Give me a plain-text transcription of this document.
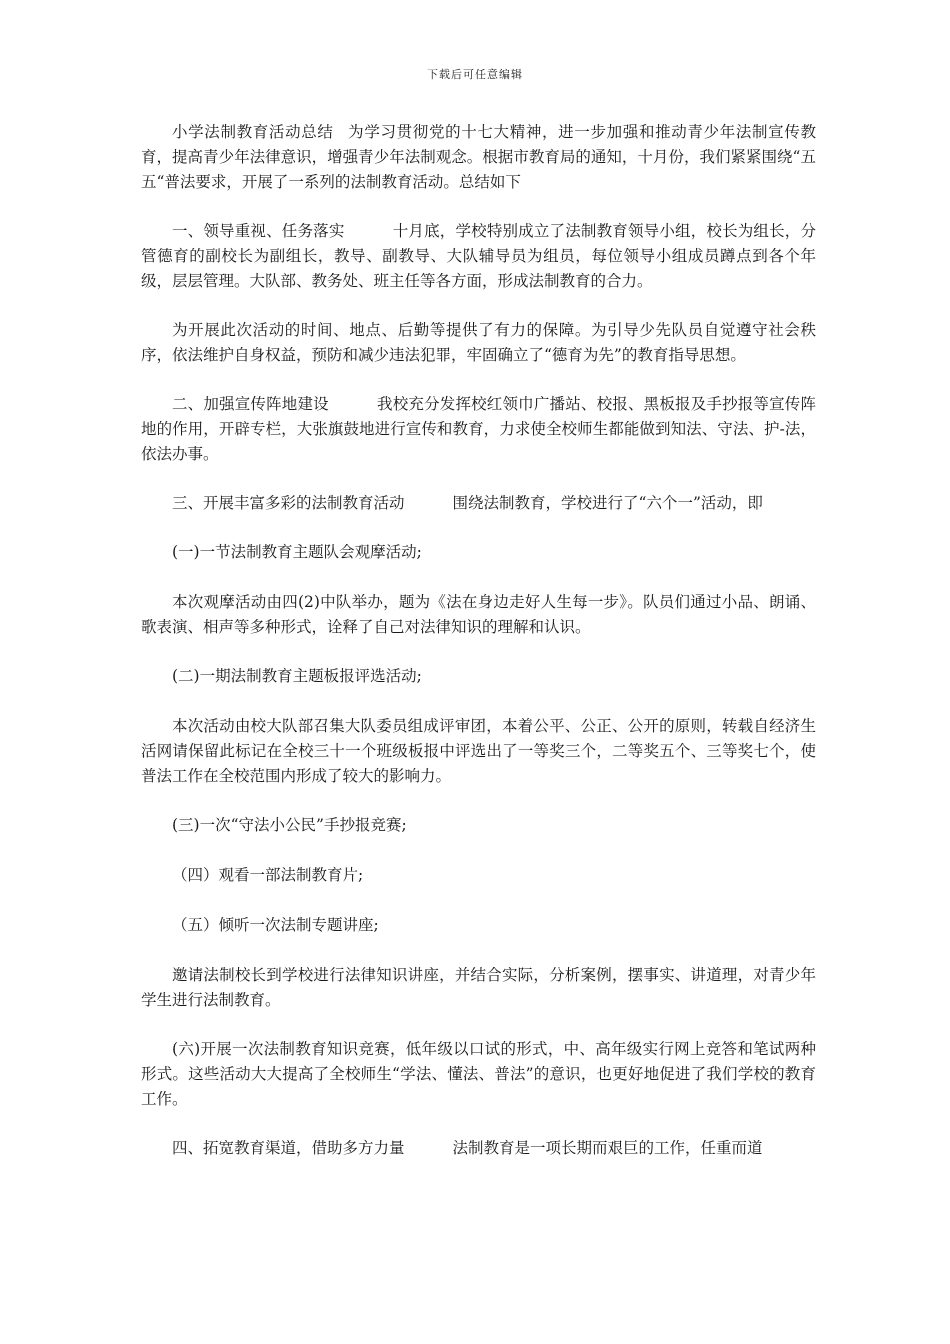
下载后可任意编辑

小学法制教育活动总结 为学习贯彻党的十七大精神，进一步加强和推动青少年法制宣传教育，提高青少年法律意识，增强青少年法制观念。根据市教育局的通知，十月份，我们紧紧围绕“五五“普法要求，开展了一系列的法制教育活动。总结如下

一、领导重视、任务落实	十月底，学校特别成立了法制教育领导小组，校长为组长，分管德育的副校长为副组长，教导、副教导、大队辅导员为组员，每位领导小组成员蹲点到各个年级，层层管理。大队部、教务处、班主任等各方面，形成法制教育的合力。

为开展此次活动的时间、地点、后勤等提供了有力的保障。为引导少先队员自觉遵守社会秩序，依法维护自身权益，预防和减少违法犯罪，牢固确立了“德育为先”的教育指导思想。

二、加强宣传阵地建设	我校充分发挥校红领巾广播站、校报、黑板报及手抄报等宣传阵地的作用，开辟专栏，大张旗鼓地进行宣传和教育，力求使全校师生都能做到知法、守法、护-法，依法办事。

三、开展丰富多彩的法制教育活动	围绕法制教育，学校进行了“六个一”活动，即

(一)一节法制教育主题队会观摩活动;

本次观摩活动由四(2)中队举办，题为《法在身边走好人生每一步》。队员们通过小品、朗诵、歌表演、相声等多种形式，诠释了自己对法律知识的理解和认识。

(二)一期法制教育主题板报评选活动;

本次活动由校大队部召集大队委员组成评审团，本着公平、公正、公开的原则，转载自经济生活网请保留此标记在全校三十一个班级板报中评选出了一等奖三个，二等奖五个、三等奖七个，使普法工作在全校范围内形成了较大的影响力。

(三)一次“守法小公民”手抄报竞赛;

（四）观看一部法制教育片;

（五）倾听一次法制专题讲座;

邀请法制校长到学校进行法律知识讲座，并结合实际，分析案例，摆事实、讲道理，对青少年学生进行法制教育。

(六)开展一次法制教育知识竞赛，低年级以口试的形式，中、高年级实行网上竞答和笔试两种形式。这些活动大大提高了全校师生“学法、懂法、普法”的意识，也更好地促进了我们学校的教育工作。

四、拓宽教育渠道，借助多方力量	法制教育是一项长期而艰巨的工作，任重而道
